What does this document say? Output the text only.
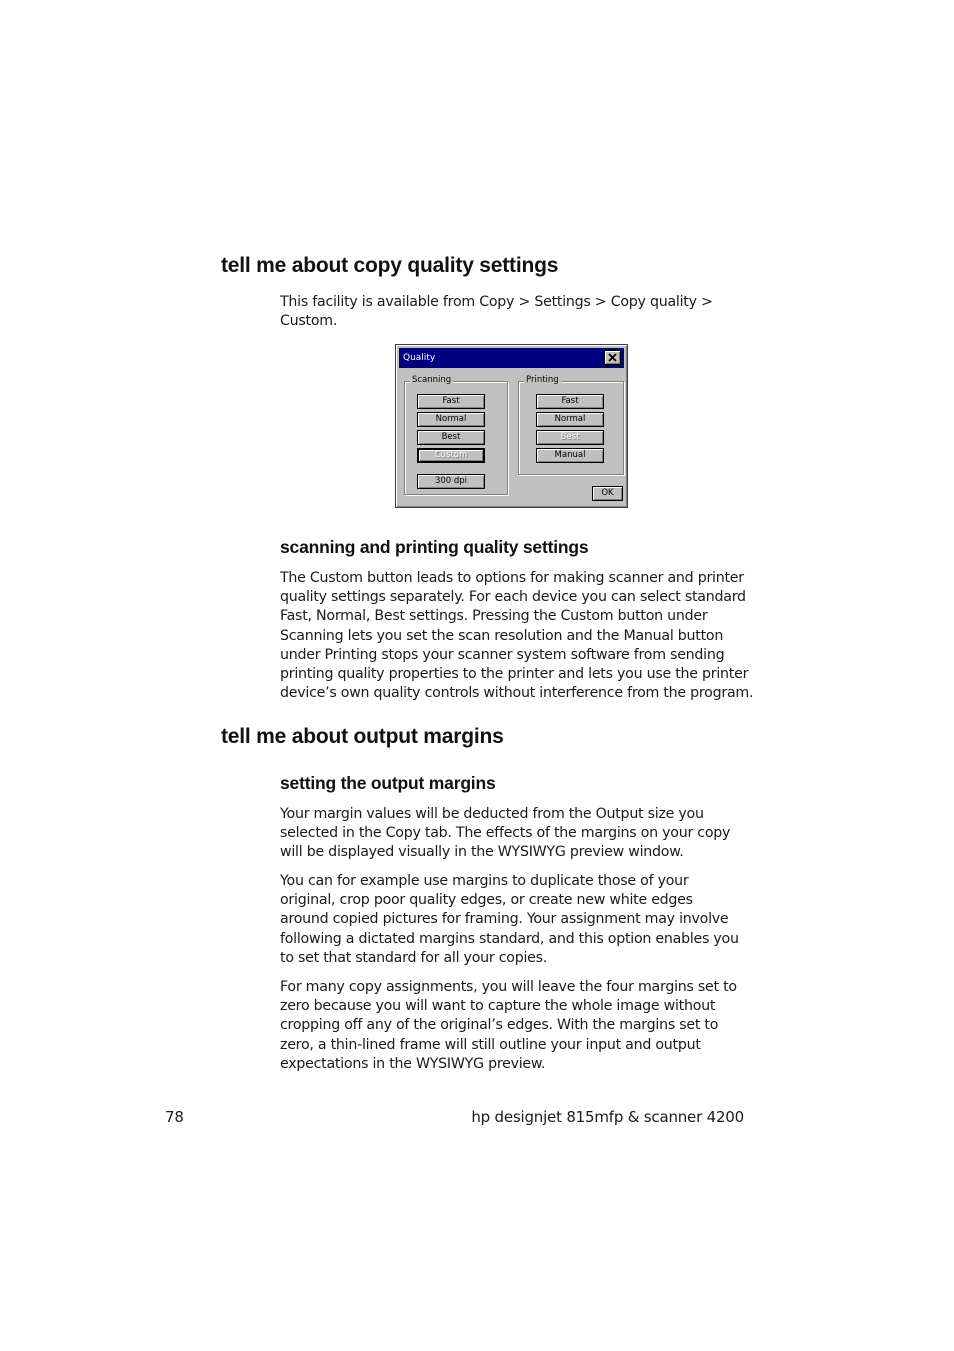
tell me about copy quality settings

This facility is available from Copy > Settings > Copy quality >
Custom.

Quality
Scanning
Fast
Normal
Best
Custom
300 dpi
Printing
Fast
Normal
Best
Manual
OK
scanning and printing quality settings

The Custom button leads to options for making scanner and printer
quality settings separately. For each device you can select standard
Fast, Normal, Best settings. Pressing the Custom button under
Scanning lets you set the scan resolution and the Manual button
under Printing stops your scanner system software from sending
printing quality properties to the printer and lets you use the printer
device’s own quality controls without interference from the program.

tell me about output margins
setting the output margins

Your margin values will be deducted from the Output size you
selected in the Copy tab. The effects of the margins on your copy
will be displayed visually in the WYSIWYG preview window.

You can for example use margins to duplicate those of your
original, crop poor quality edges, or create new white edges
around copied pictures for framing. Your assignment may involve
following a dictated margins standard, and this option enables you
to set that standard for all your copies.

For many copy assignments, you will leave the four margins set to
zero because you will want to capture the whole image without
cropping off any of the original’s edges. With the margins set to
zero, a thin-lined frame will still outline your input and output
expectations in the WYSIWYG preview.

78	hp designjet 815mfp & scanner 4200
